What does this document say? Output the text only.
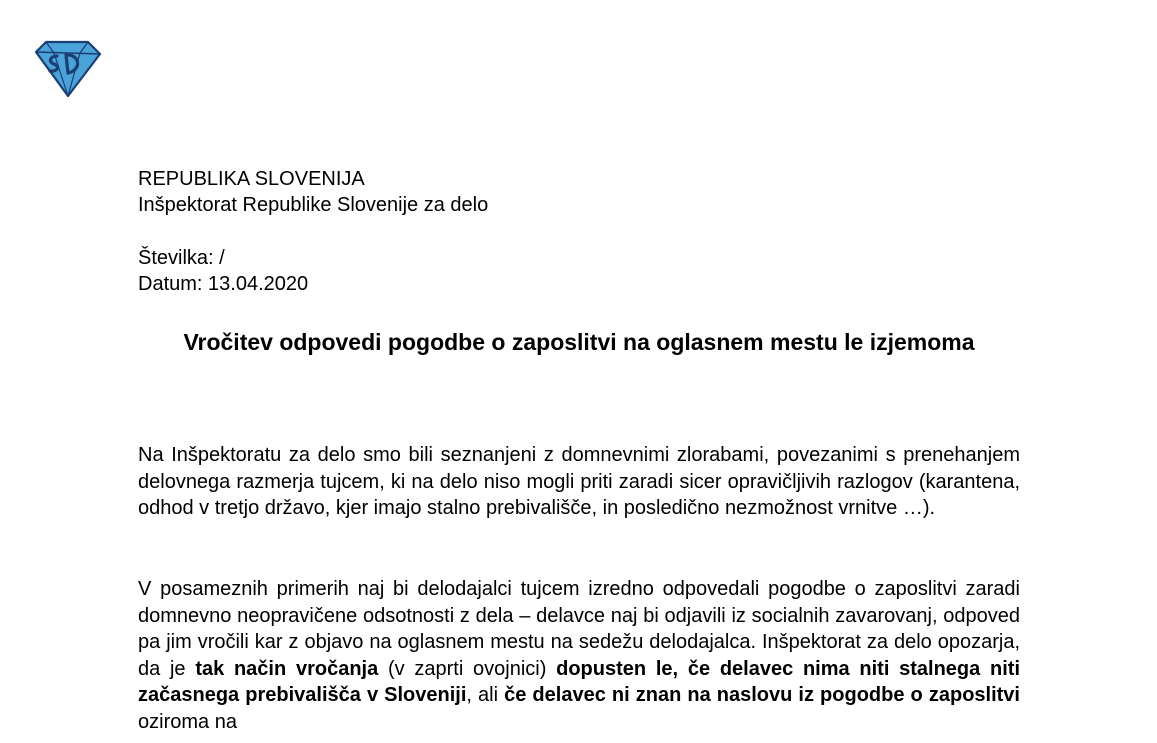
REPUBLIKA SLOVENIJA
Inšpektorat Republike Slovenije za delo
Številka: /
Datum: 13.04.2020
Vročitev odpovedi pogodbe o zaposlitvi na oglasnem mestu le izjemoma

Na Inšpektoratu za delo smo bili seznanjeni z domnevnimi zlorabami, povezanimi s prenehanjem delovnega razmerja tujcem, ki na delo niso mogli priti zaradi sicer opravičljivih razlogov (karantena, odhod v tretjo državo, kjer imajo stalno prebivališče, in posledično nezmožnost vrnitve …).

V posameznih primerih naj bi delodajalci tujcem izredno odpovedali pogodbe o zaposlitvi zaradi domnevno neopravičene odsotnosti z dela – delavce naj bi odjavili iz socialnih zavarovanj, odpoved pa jim vročili kar z objavo na oglasnem mestu na sedežu delodajalca. Inšpektorat za delo opozarja, da je tak način vročanja (v zaprti ovojnici) dopusten le, če delavec nima niti stalnega niti začasnega prebivališča v Sloveniji, ali če delavec ni znan na naslovu iz pogodbe o zaposlitvi oziroma na
